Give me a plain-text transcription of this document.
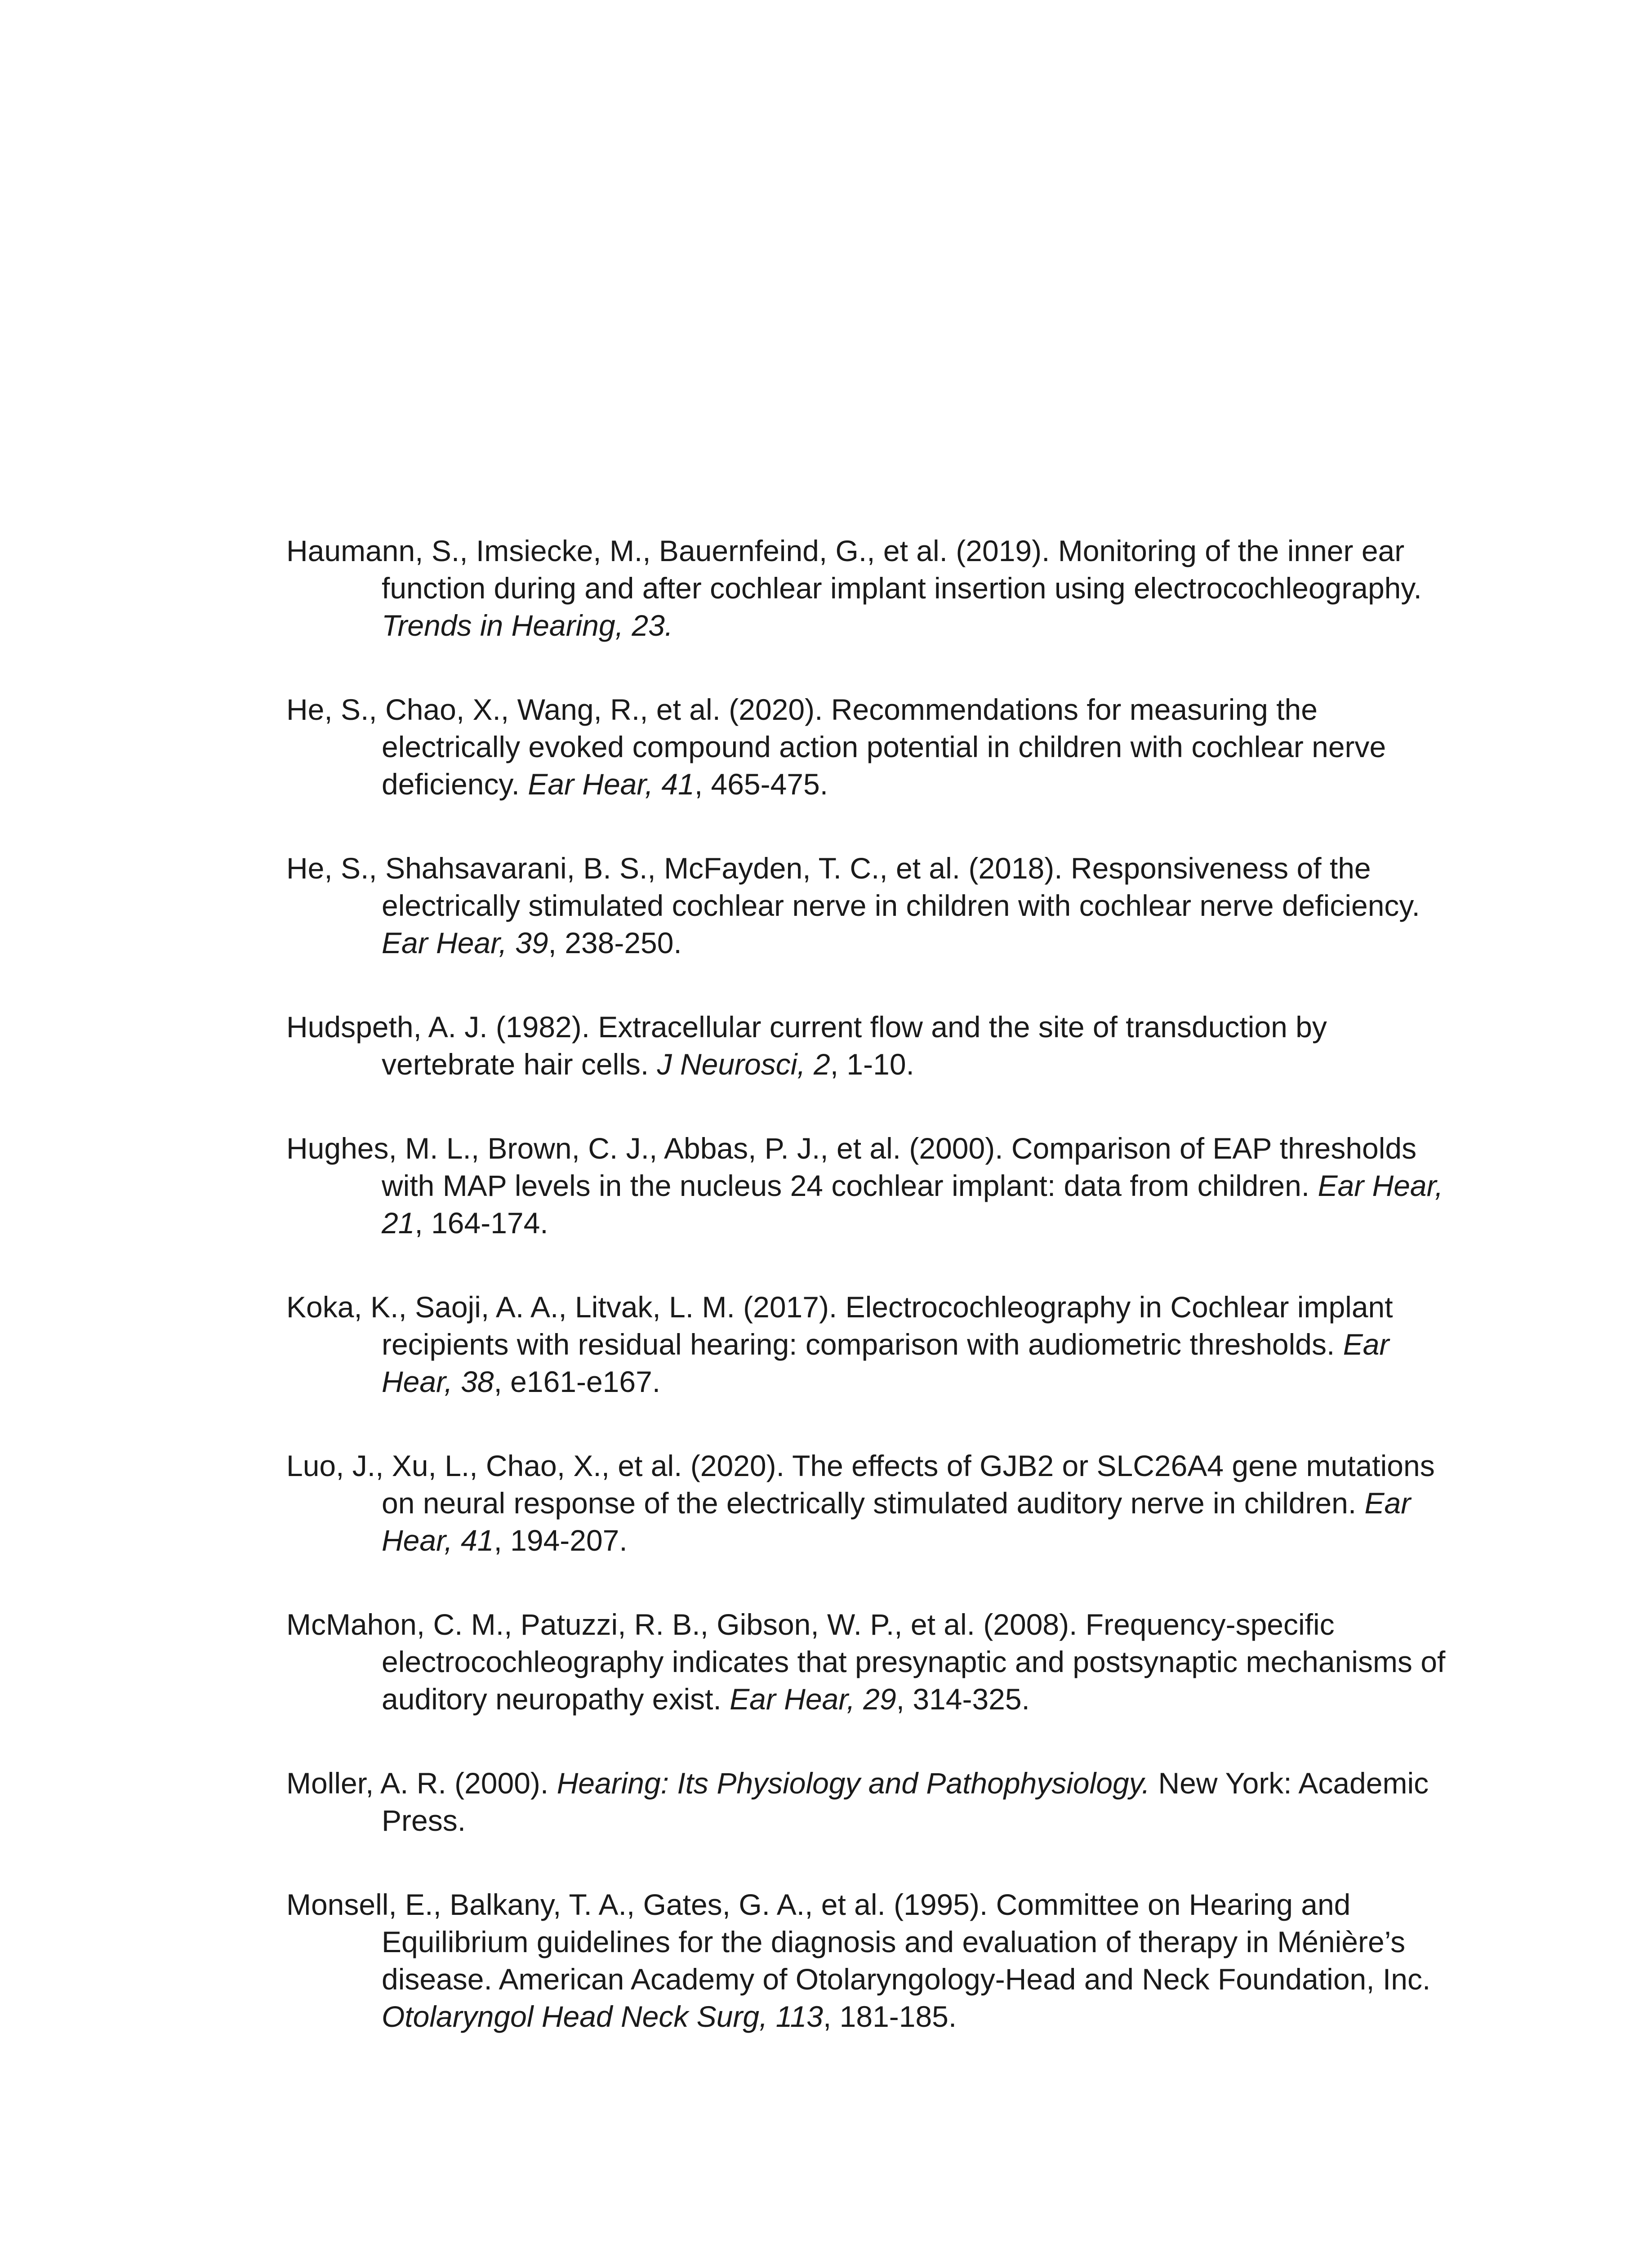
Haumann, S., Imsiecke, M., Bauernfeind, G., et al. (2019). Monitoring of the inner ear function during and after cochlear implant insertion using electrocochleography. Trends in Hearing, 23.
He, S., Chao, X., Wang, R., et al. (2020). Recommendations for measuring the electrically evoked compound action potential in children with cochlear nerve deficiency. Ear Hear, 41, 465-475.
He, S., Shahsavarani, B. S., McFayden, T. C., et al. (2018). Responsiveness of the electrically stimulated cochlear nerve in children with cochlear nerve deficiency. Ear Hear, 39, 238-250.
Hudspeth, A. J. (1982). Extracellular current flow and the site of transduction by vertebrate hair cells. J Neurosci, 2, 1-10.
Hughes, M. L., Brown, C. J., Abbas, P. J., et al. (2000). Comparison of EAP thresholds with MAP levels in the nucleus 24 cochlear implant: data from children. Ear Hear, 21, 164-174.
Koka, K., Saoji, A. A., Litvak, L. M. (2017). Electrocochleography in Cochlear implant recipients with residual hearing: comparison with audiometric thresholds. Ear Hear, 38, e161-e167.
Luo, J., Xu, L., Chao, X., et al. (2020). The effects of GJB2 or SLC26A4 gene mutations on neural response of the electrically stimulated auditory nerve in children. Ear Hear, 41, 194-207.
McMahon, C. M., Patuzzi, R. B., Gibson, W. P., et al. (2008). Frequency-specific electrocochleography indicates that presynaptic and postsynaptic mechanisms of auditory neuropathy exist. Ear Hear, 29, 314-325.
Moller, A. R. (2000). Hearing: Its Physiology and Pathophysiology. New York: Academic Press.
Monsell, E., Balkany, T. A., Gates, G. A., et al. (1995). Committee on Hearing and Equilibrium guidelines for the diagnosis and evaluation of therapy in Ménière’s disease. American Academy of Otolaryngology-Head and Neck Foundation, Inc. Otolaryngol Head Neck Surg, 113, 181-185.
